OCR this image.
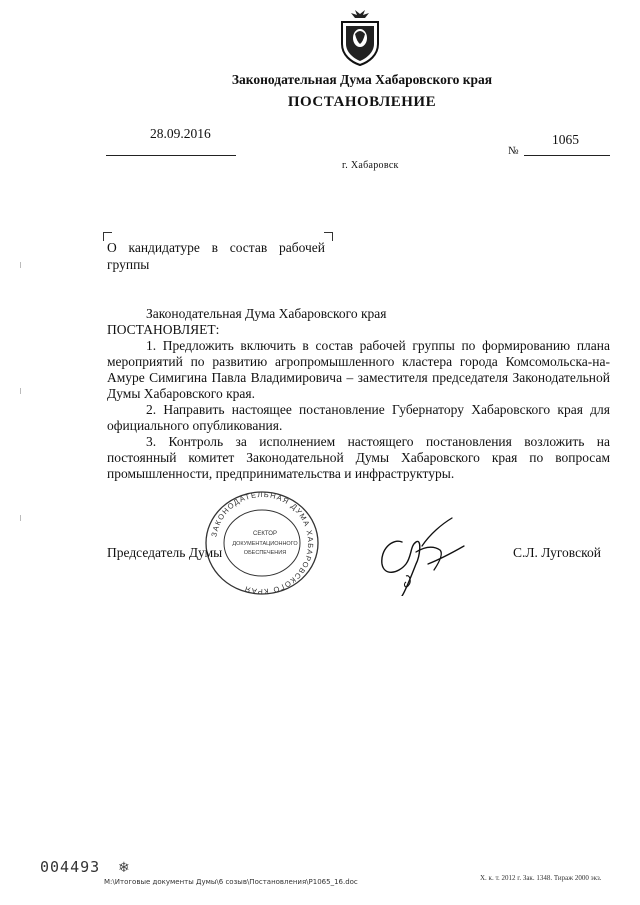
Законодательная Дума Хабаровского края
ПОСТАНОВЛЕНИЕ
28.09.2016
№
1065
г. Хабаровск
О кандидатуре в состав рабочей
группы

Законодательная Дума Хабаровского края

ПОСТАНОВЛЯЕТ:

1. Предложить включить в состав рабочей группы по формированию плана мероприятий по развитию агропромышленного кластера города Комсомольска-на-Амуре Симигина Павла Владимировича – заместителя председателя Законодательной Думы Хабаровского края.

2. Направить настоящее постановление Губернатору Хабаровского края для официального опубликования.

3. Контроль за исполнением настоящего постановления возложить на постоянный комитет Законодательной Думы Хабаровского края по вопросам промышленности, предпринимательства и инфраструктуры.

ЗАКОНОДАТЕЛЬНАЯ ДУМА ХАБАРОВСКОГО КРАЯ
СЕКТОР
ДОКУМЕНТАЦИОННОГО
ОБЕСПЕЧЕНИЯ
Председатель Думы	С.Л. Луговской
004493 ❄
M:\Итоговые документы Думы\6 созыв\Постановления\P1065_16.doc	Х. к. т. 2012 г. Зак. 1348. Тираж 2000 экз.
